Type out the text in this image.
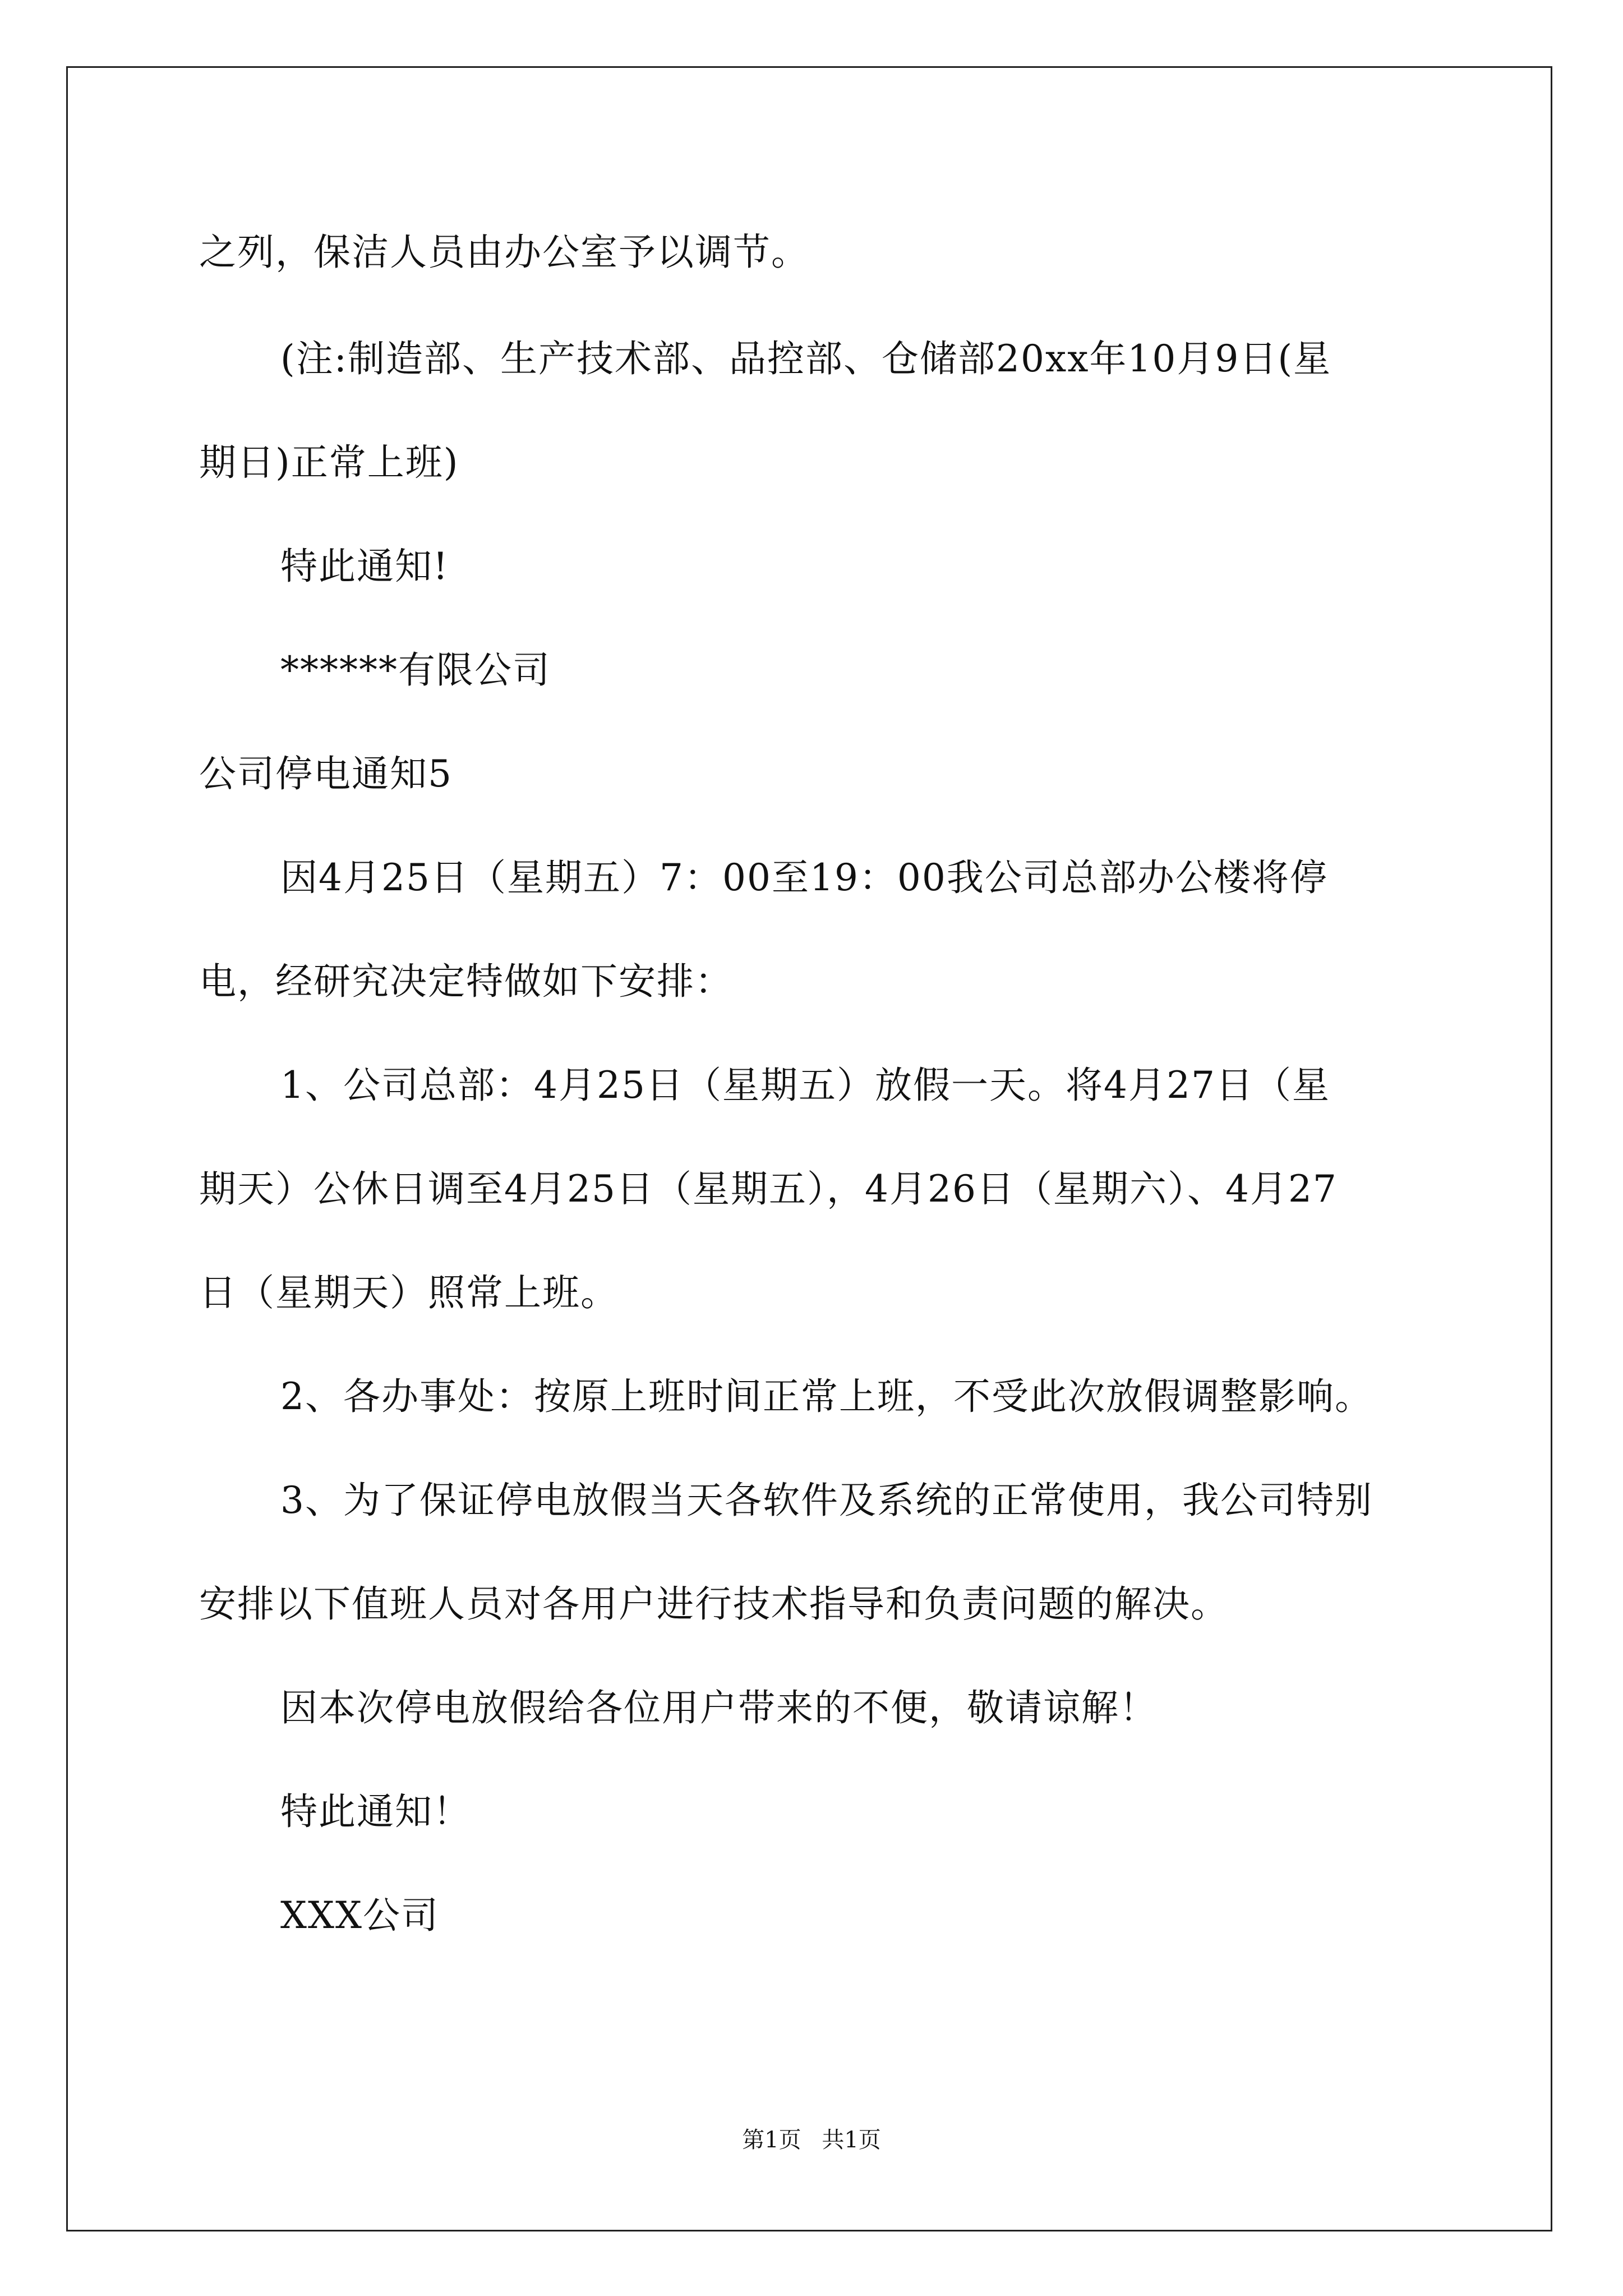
之列，保洁人员由办公室予以调节。
(注:制造部、生产技术部、品控部、仓储部20xx年10月9日(星
期日)正常上班)
特此通知!
******有限公司
公司停电通知5
因4月25日（星期五）7：00至19：00我公司总部办公楼将停
电，经研究决定特做如下安排：
1、公司总部：4月25日（星期五）放假一天。将4月27日（星
期天）公休日调至4月25日（星期五），4月26日（星期六）、4月27
日（星期天）照常上班。
2、各办事处：按原上班时间正常上班，不受此次放假调整影响。
3、为了保证停电放假当天各软件及系统的正常使用，我公司特别
安排以下值班人员对各用户进行技术指导和负责问题的解决。
因本次停电放假给各位用户带来的不便，敬请谅解！
特此通知！
XXX公司
第1页 共1页
